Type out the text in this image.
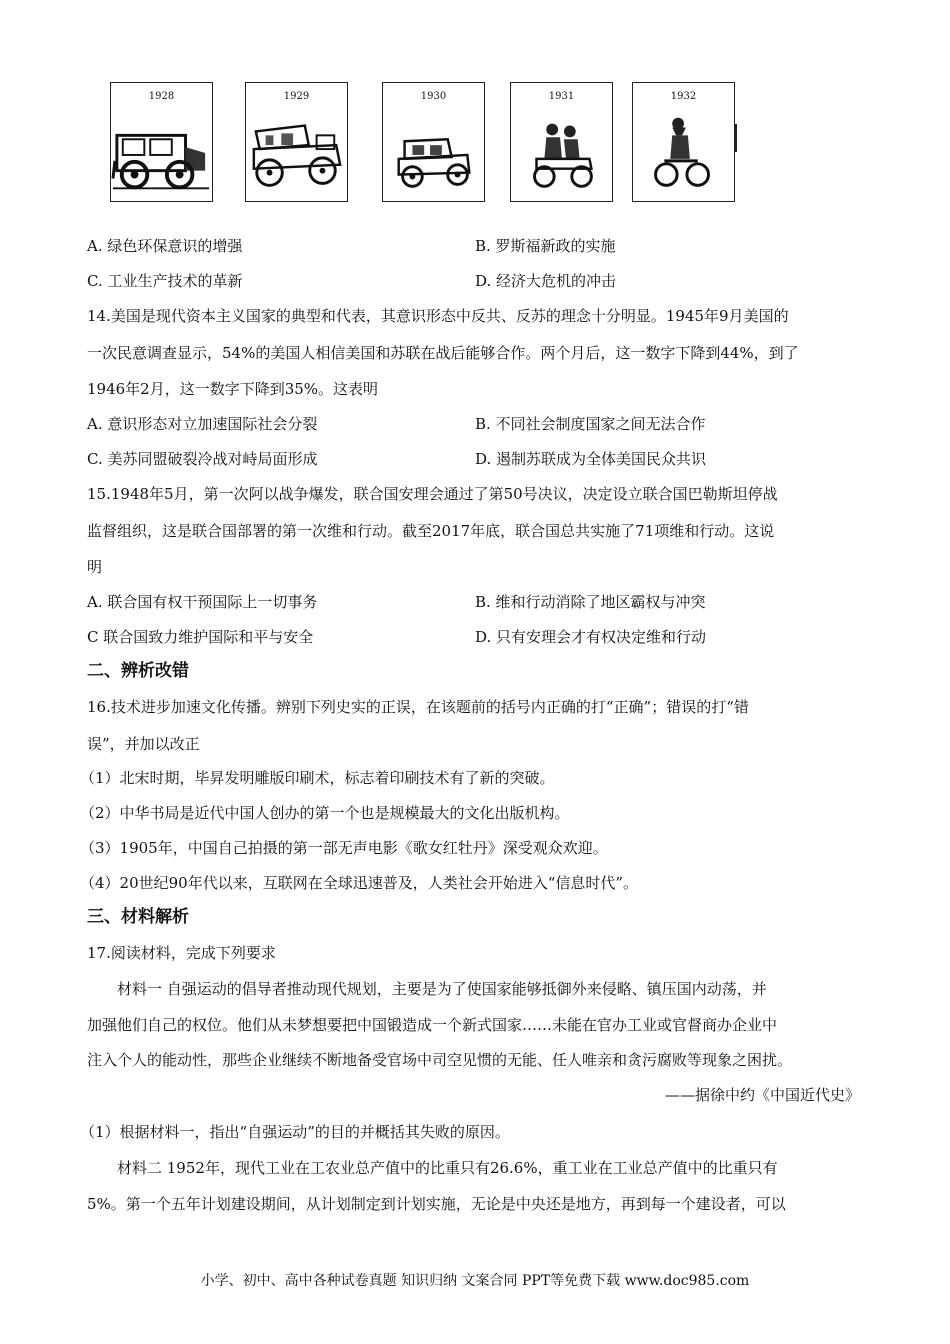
1928	1929	1930	1931	1932
A. 绿色环保意识的增强	B. 罗斯福新政的实施
C. 工业生产技术的革新	D. 经济大危机的冲击
14.美国是现代资本主义国家的典型和代表，其意识形态中反共、反苏的理念十分明显。1945年9月美国的
一次民意调查显示，54%的美国人相信美国和苏联在战后能够合作。两个月后，这一数字下降到44%，到了
1946年2月，这一数字下降到35%。这表明
A. 意识形态对立加速国际社会分裂	B. 不同社会制度国家之间无法合作
C. 美苏同盟破裂冷战对峙局面形成	D. 遏制苏联成为全体美国民众共识
15.1948年5月，第一次阿以战争爆发，联合国安理会通过了第50号决议，决定设立联合国巴勒斯坦停战
监督组织，这是联合国部署的第一次维和行动。截至2017年底，联合国总共实施了71项维和行动。这说
明
A. 联合国有权干预国际上一切事务	B. 维和行动消除了地区霸权与冲突
C 联合国致力维护国际和平与安全	D. 只有安理会才有权决定维和行动
二、辨析改错
16.技术进步加速文化传播。辨别下列史实的正误，在该题前的括号内正确的打“正确”；错误的打“错
误”，并加以改正
（1）北宋时期，毕昇发明雕版印刷术，标志着印刷技术有了新的突破。
（2）中华书局是近代中国人创办的第一个也是规模最大的文化出版机构。
（3）1905年，中国自己拍摄的第一部无声电影《歌女红牡丹》深受观众欢迎。
（4）20世纪90年代以来，互联网在全球迅速普及，人类社会开始进入“信息时代”。
三、材料解析
17.阅读材料，完成下列要求
材料一 自强运动的倡导者推动现代规划，主要是为了使国家能够抵御外来侵略、镇压国内动荡，并
加强他们自己的权位。他们从未梦想要把中国锻造成一个新式国家……未能在官办工业或官督商办企业中
注入个人的能动性，那些企业继续不断地备受官场中司空见惯的无能、任人唯亲和贪污腐败等现象之困扰。
——据徐中约《中国近代史》
（1）根据材料一，指出“自强运动”的目的并概括其失败的原因。
材料二 1952年，现代工业在工农业总产值中的比重只有26.6%，重工业在工业总产值中的比重只有
5%。第一个五年计划建设期间，从计划制定到计划实施，无论是中央还是地方，再到每一个建设者，可以
小学、初中、高中各种试卷真题 知识归纳 文案合同 PPT等免费下载 www.doc985.com
